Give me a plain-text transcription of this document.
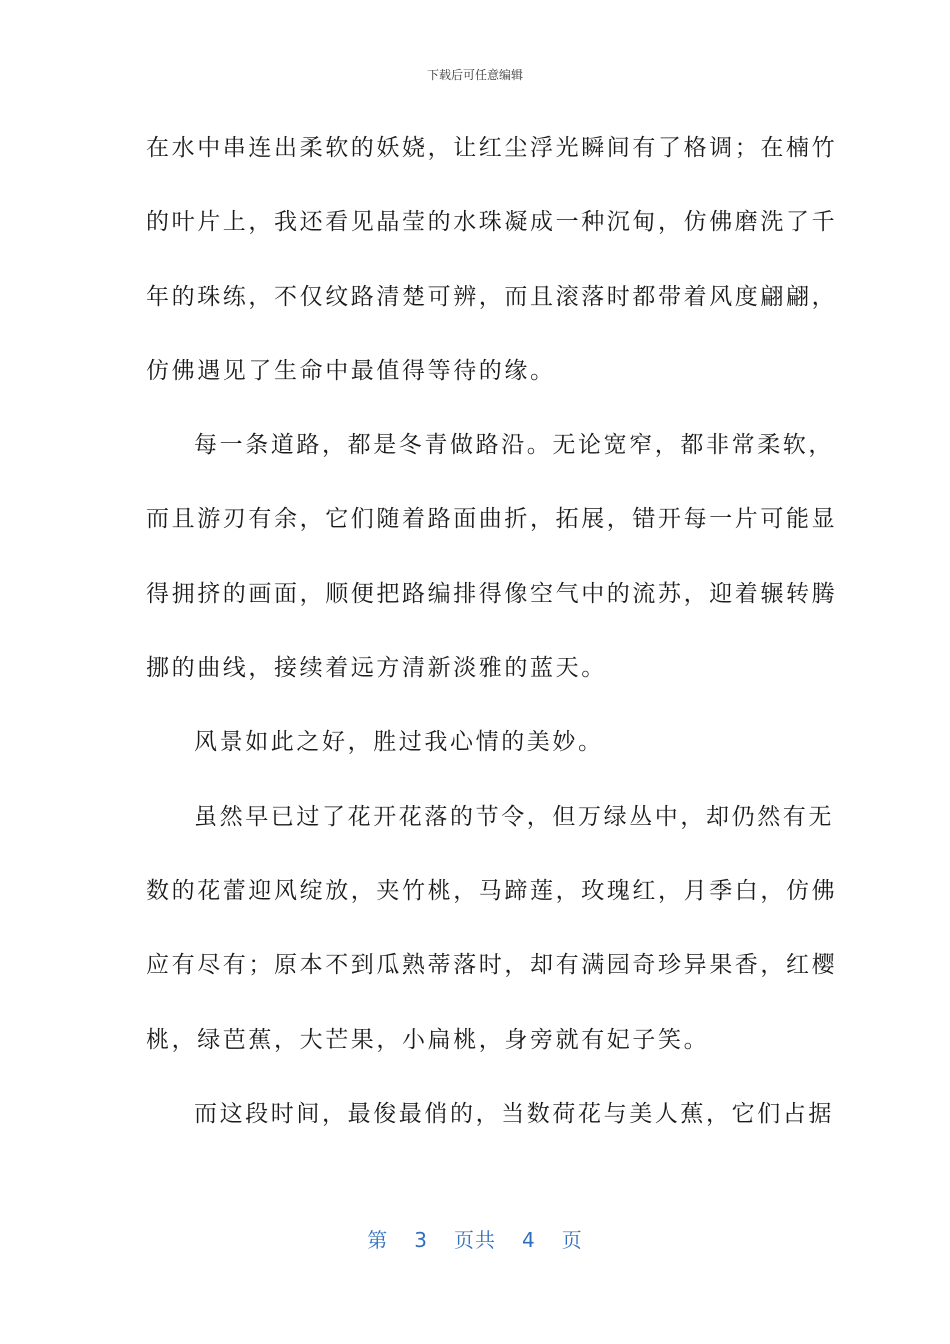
下载后可任意编辑

在水中串连出柔软的妖娆，让红尘浮光瞬间有了格调；在楠竹
的叶片上，我还看见晶莹的水珠凝成一种沉甸，仿佛磨洗了千
年的珠练，不仅纹路清楚可辨，而且滚落时都带着风度翩翩，
仿佛遇见了生命中最值得等待的缘。

每一条道路，都是冬青做路沿。无论宽窄，都非常柔软，
而且游刃有余，它们随着路面曲折，拓展，错开每一片可能显
得拥挤的画面，顺便把路编排得像空气中的流苏，迎着辗转腾
挪的曲线，接续着远方清新淡雅的蓝天。

风景如此之好，胜过我心情的美妙。

虽然早已过了花开花落的节令，但万绿丛中，却仍然有无
数的花蕾迎风绽放，夹竹桃，马蹄莲，玫瑰红，月季白，仿佛
应有尽有；原本不到瓜熟蒂落时，却有满园奇珍异果香，红樱
桃，绿芭蕉，大芒果，小扁桃，身旁就有妃子笑。

而这段时间，最俊最俏的，当数荷花与美人蕉，它们占据

第 3 页共 4 页
